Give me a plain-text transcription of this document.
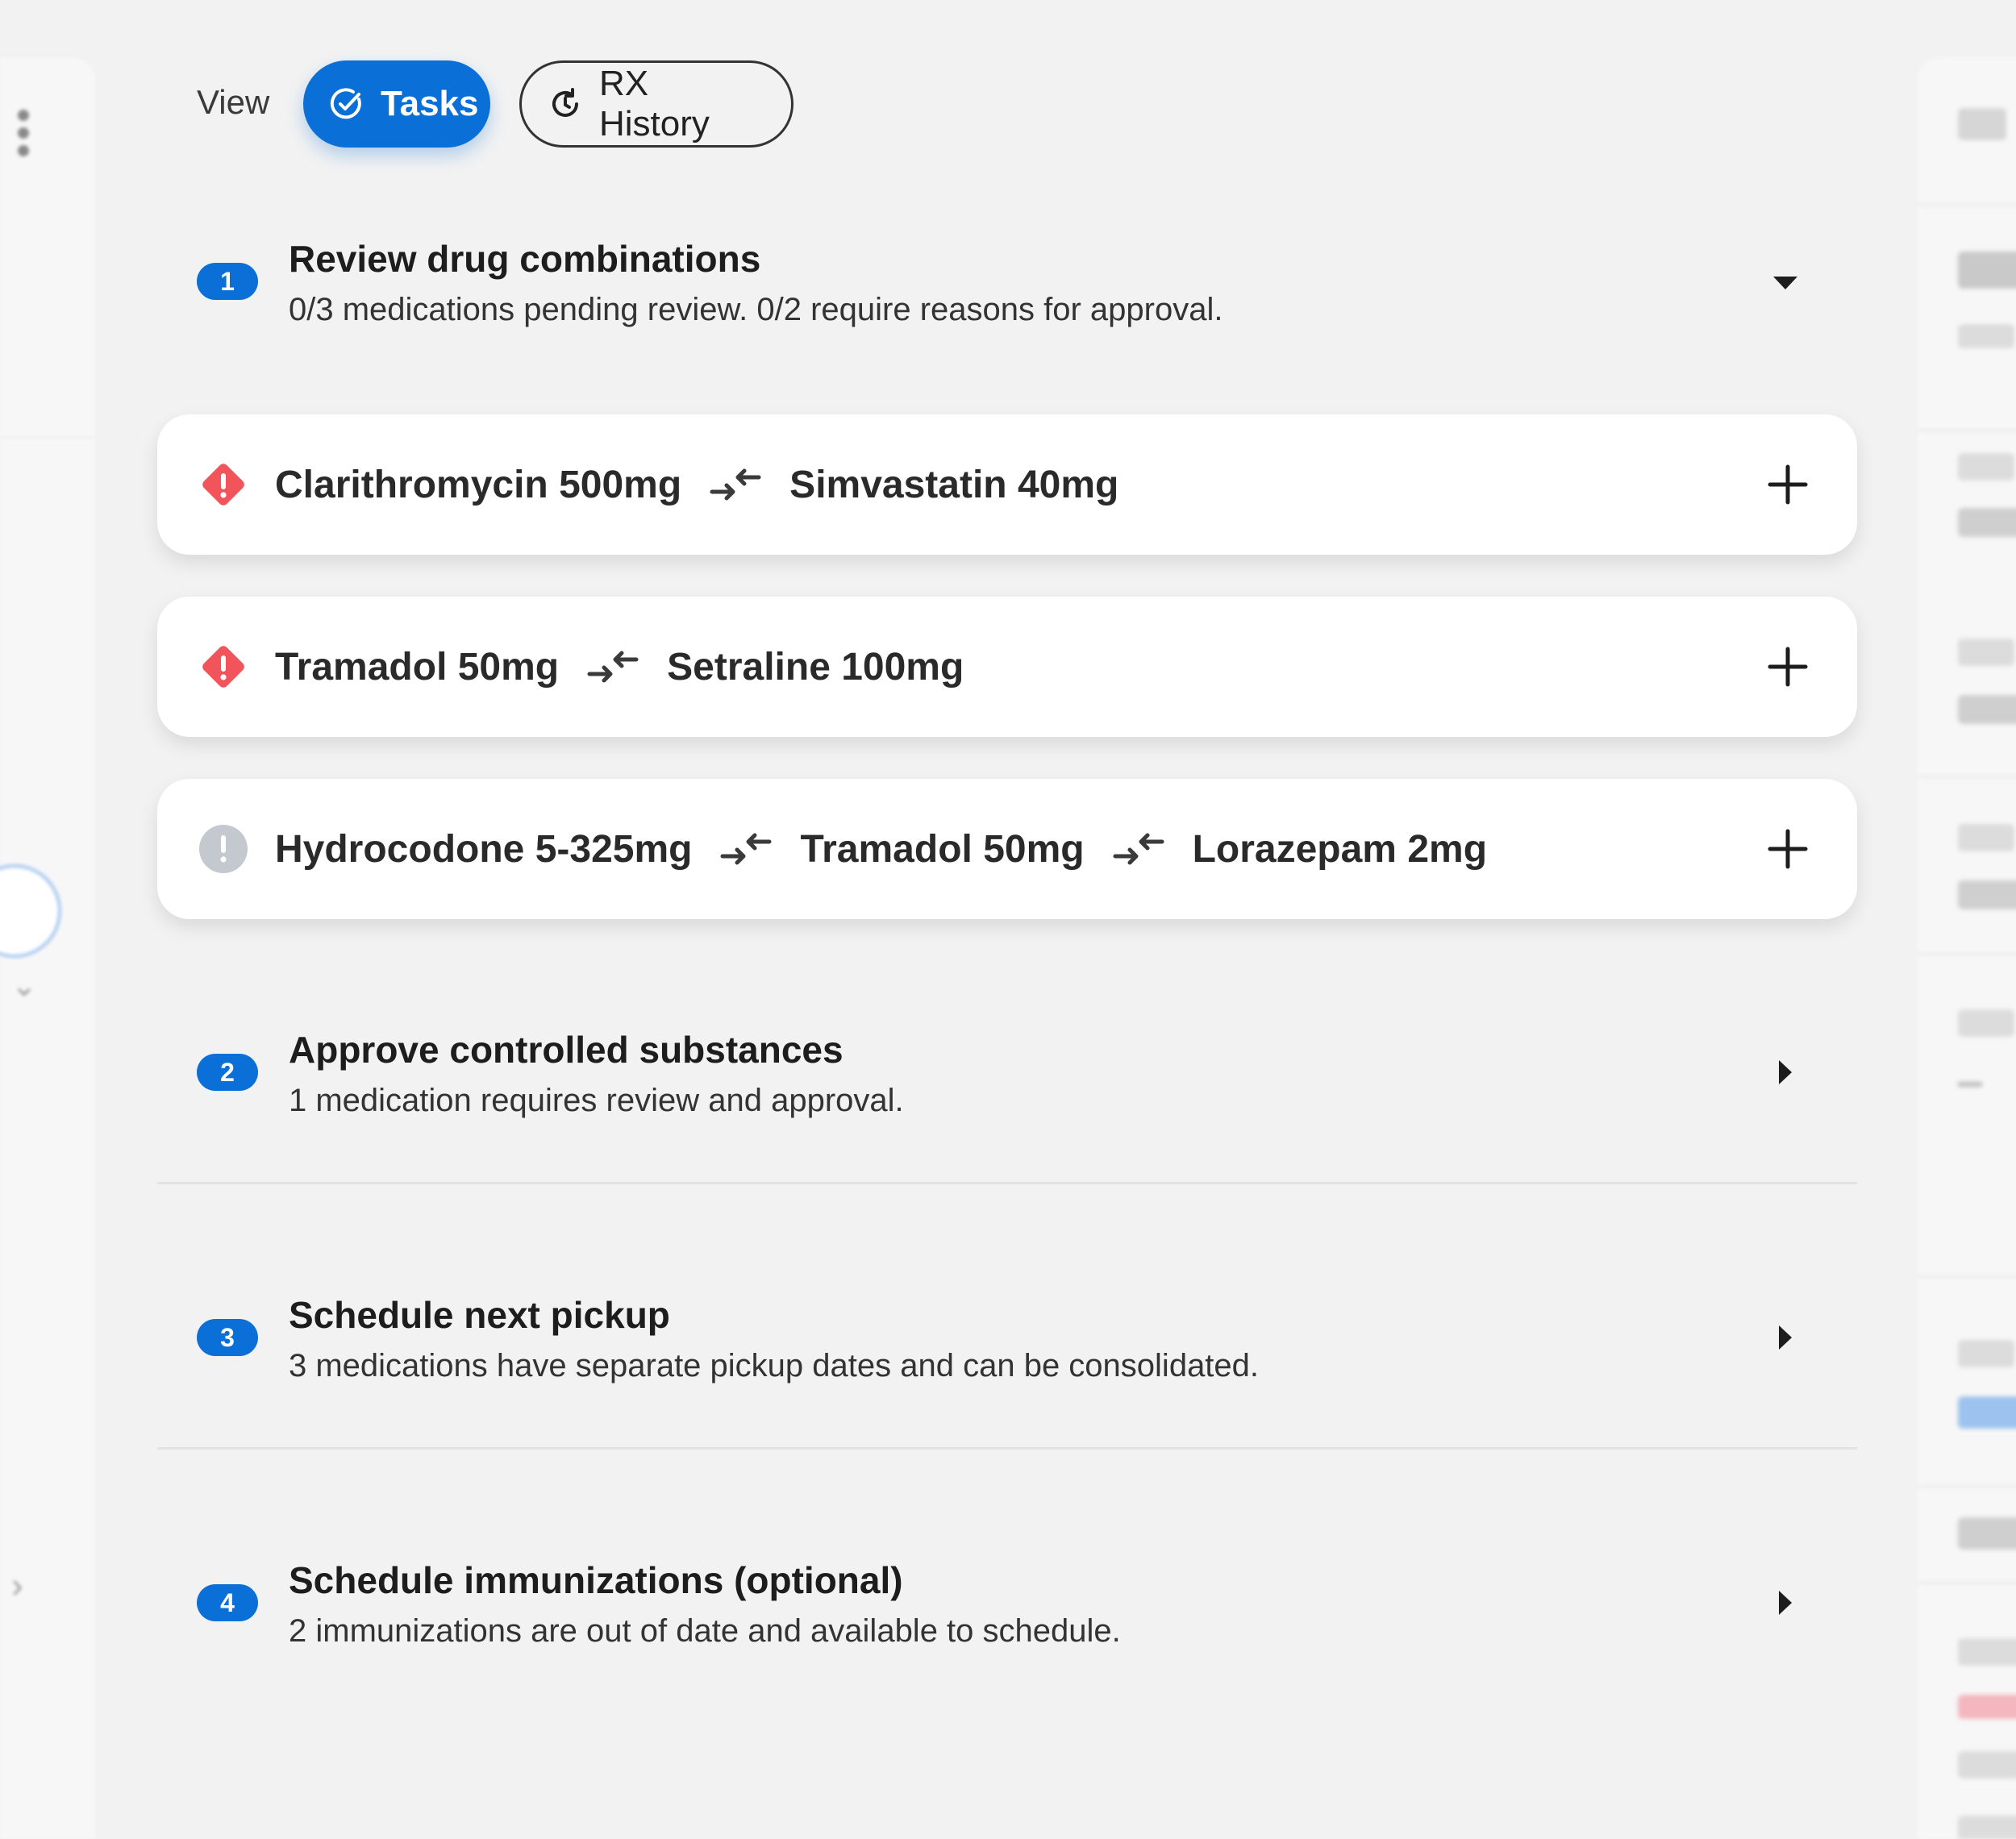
⌄
›
View	Tasks
RX History
1
Review drug combinations
0/3 medications pending review. 0/2 require reasons for approval.
Clarithromycin 500mg	Simvastatin 40mg
Tramadol 50mg	Setraline 100mg
Hydrocodone 5-325mg	Tramadol 50mg	Lorazepam 2mg
2
Approve controlled substances
1 medication requires review and approval.
3
Schedule next pickup
3 medications have separate pickup dates and can be consolidated.
4
Schedule immunizations (optional)
2 immunizations are out of date and available to schedule.
